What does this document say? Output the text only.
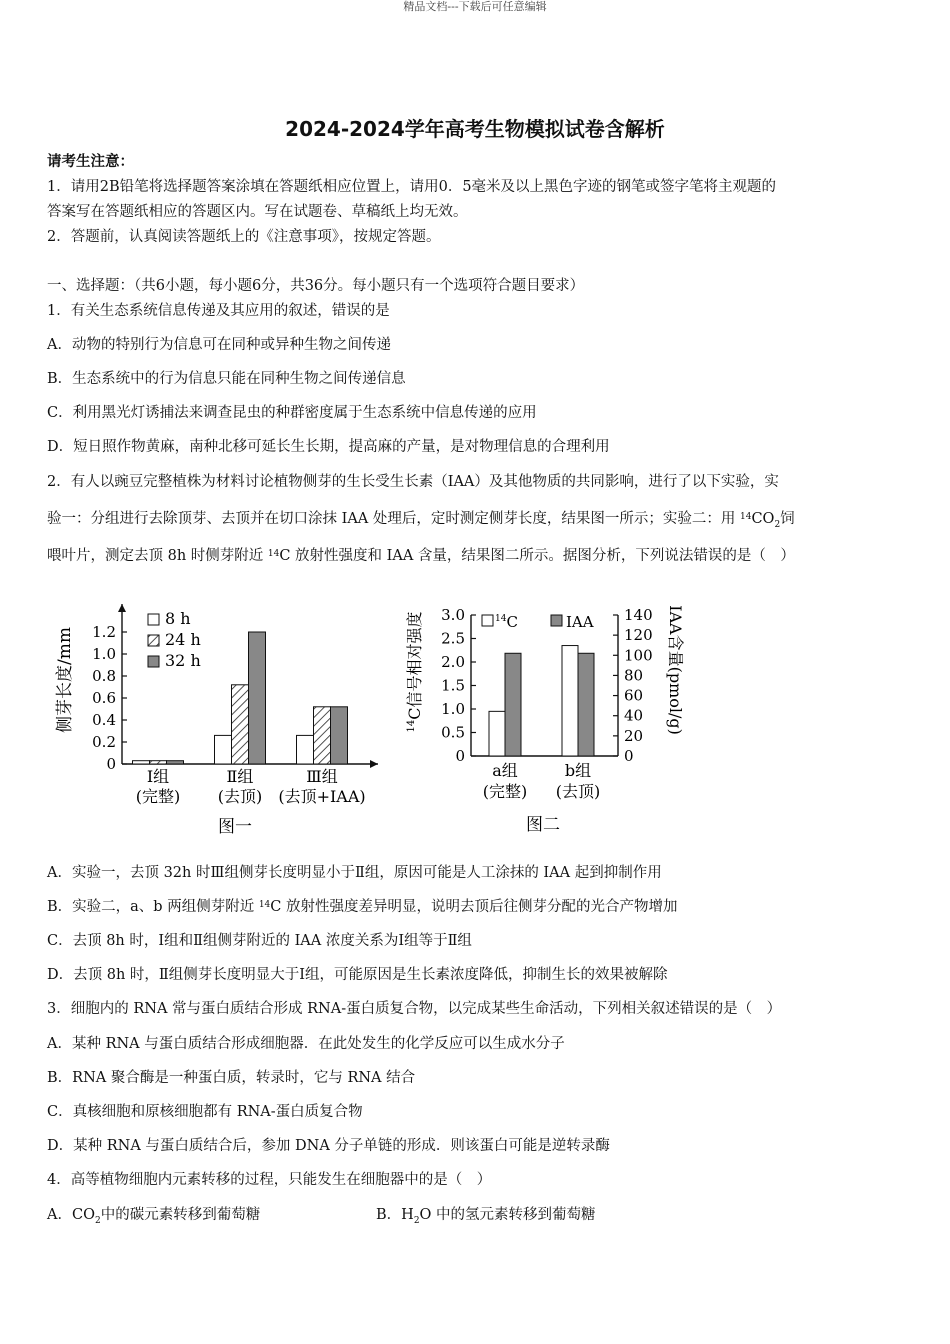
精品文档---下载后可任意编辑
2024-2024学年高考生物模拟试卷含解析
请考生注意：
1．请用2B铅笔将选择题答案涂填在答题纸相应位置上，请用0．5毫米及以上黑色字迹的钢笔或签字笔将主观题的
答案写在答题纸相应的答题区内。写在试题卷、草稿纸上均无效。
2．答题前，认真阅读答题纸上的《注意事项》，按规定答题。
一、选择题：（共6小题，每小题6分，共36分。每小题只有一个选项符合题目要求）
1．有关生态系统信息传递及其应用的叙述，错误的是
A．动物的特别行为信息可在同种或异种生物之间传递
B．生态系统中的行为信息只能在同种生物之间传递信息
C．利用黑光灯诱捕法来调查昆虫的种群密度属于生态系统中信息传递的应用
D．短日照作物黄麻，南种北移可延长生长期，提高麻的产量，是对物理信息的合理利用
2．有人以豌豆完整植株为材料讨论植物侧芽的生长受生长素（IAA）及其他物质的共同影响，进行了以下实验，实
验一：分组进行去除顶芽、去顶并在切口涂抹 IAA 处理后，定时测定侧芽长度，结果图一所示；实验二：用 $^{14}CO_2$饲
喂叶片，测定去顶 8h 时侧芽附近 $^{14}$C 放射性强度和 IAA 含量，结果图二所示。据图分析，下列说法错误的是（　）
0
0.2
0.4
0.6
0.8
1.0
1.2
Ⅰ组
(完整)
Ⅱ组
(去顶)
Ⅲ组
(去顶+IAA)
8 h
24 h
32 h
侧芽长度/mm
图一
0
0.5
1.0
1.5
2.0
2.5
3.0
0
20
40
60
80
100
120
140
a组
(完整)
b组
(去顶)
$^{14}$C	IAA
$^{14}$C信号相对强度	IAA含量(pmol/g)
图二
A．实验一，去顶 32h 时Ⅲ组侧芽长度明显小于Ⅱ组，原因可能是人工涂抹的 IAA 起到抑制作用
B．实验二，a、b 两组侧芽附近 $^{14}$C 放射性强度差异明显，说明去顶后往侧芽分配的光合产物增加
C．去顶 8h 时，Ⅰ组和Ⅱ组侧芽附近的 IAA 浓度关系为Ⅰ组等于Ⅱ组
D．去顶 8h 时，Ⅱ组侧芽长度明显大于Ⅰ组，可能原因是生长素浓度降低，抑制生长的效果被解除
3．细胞内的 RNA 常与蛋白质结合形成 RNA-蛋白质复合物，以完成某些生命活动，下列相关叙述错误的是（　）
A．某种 RNA 与蛋白质结合形成细胞器．在此处发生的化学反应可以生成水分子
B．RNA 聚合酶是一种蛋白质，转录时，它与 RNA 结合
C．真核细胞和原核细胞都有 RNA-蛋白质复合物
D．某种 RNA 与蛋白质结合后，参加 DNA 分子单链的形成．则该蛋白可能是逆转录酶
4．高等植物细胞内元素转移的过程，只能发生在细胞器中的是（　）
A．$CO_2$中的碳元素转移到葡萄糖	B．$H_2O$ 中的氢元素转移到葡萄糖
